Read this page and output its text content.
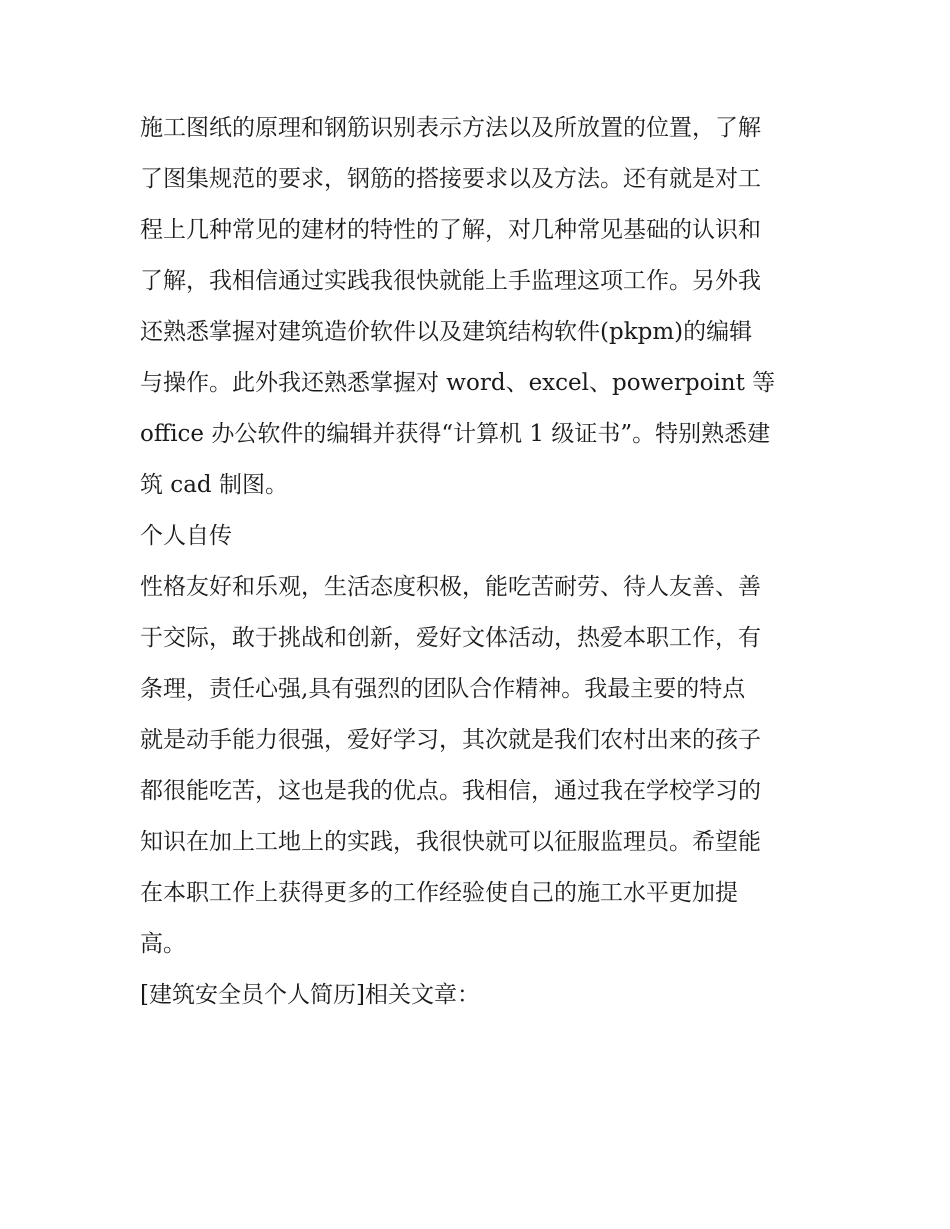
施工图纸的原理和钢筋识别表示方法以及所放置的位置，了解
了图集规范的要求，钢筋的搭接要求以及方法。还有就是对工
程上几种常见的建材的特性的了解，对几种常见基础的认识和
了解，我相信通过实践我很快就能上手监理这项工作。另外我
还熟悉掌握对建筑造价软件以及建筑结构软件(pkpm)的编辑
与操作。此外我还熟悉掌握对 word、excel、powerpoint 等
office 办公软件的编辑并获得“计算机 1 级证书”。特别熟悉建
筑 cad 制图。
个人自传
性格友好和乐观，生活态度积极，能吃苦耐劳、待人友善、善
于交际，敢于挑战和创新，爱好文体活动，热爱本职工作，有
条理，责任心强,具有强烈的团队合作精神。我最主要的特点
就是动手能力很强，爱好学习，其次就是我们农村出来的孩子
都很能吃苦，这也是我的优点。我相信，通过我在学校学习的
知识在加上工地上的实践，我很快就可以征服监理员。希望能
在本职工作上获得更多的工作经验使自己的施工水平更加提
高。
[建筑安全员个人简历]相关文章：
